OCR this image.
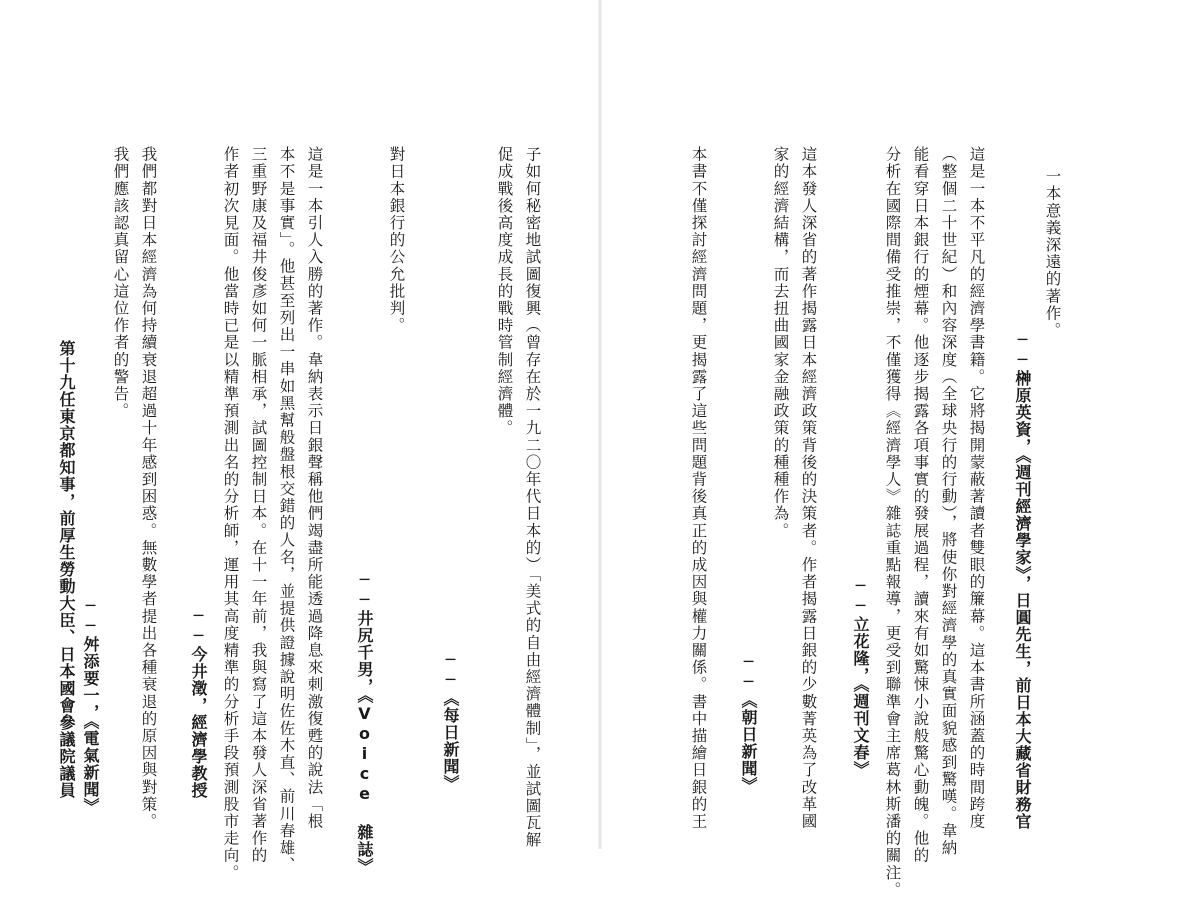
一本意義深遠的著作。
──榊原英資，《週刊經濟學家》，日圓先生，前日本大藏省財務官
這是一本不平凡的經濟學書籍。它將揭開蒙蔽著讀者雙眼的簾幕。這本書所涵蓋的時間跨度
（整個二十世紀）和內容深度（全球央行的行動），將使你對經濟學的真實面貌感到驚嘆。韋納
能看穿日本銀行的煙幕。他逐步揭露各項事實的發展過程，讀來有如驚悚小說般驚心動魄。他的
分析在國際間備受推崇，不僅獲得《經濟學人》雜誌重點報導，更受到聯準會主席葛林斯潘的關注。
──立花隆，《週刊文春》
這本發人深省的著作揭露日本經濟政策背後的決策者。作者揭露日銀的少數菁英為了改革國
家的經濟結構，而去扭曲國家金融政策的種種作為。
──《朝日新聞》
本書不僅探討經濟問題，更揭露了這些問題背後真正的成因與權力關係。書中描繪日銀的王
子如何秘密地試圖復興（曾存在於一九二〇年代日本的）「美式的自由經濟體制」，並試圖瓦解
促成戰後高度成長的戰時管制經濟體。
──《每日新聞》
對日本銀行的公允批判。
──井尻千男，《Voice 雜誌》
這是一本引人入勝的著作。韋納表示日銀聲稱他們竭盡所能透過降息來刺激復甦的說法「根
本不是事實」。他甚至列出一串如黑幫般盤根交錯的人名，並提供證據說明佐佐木直、前川春雄、
三重野康及福井俊彥如何一脈相承，試圖控制日本。在十一年前，我與寫了這本發人深省著作的
作者初次見面。他當時已是以精準預測出名的分析師，運用其高度精準的分析手段預測股市走向。
──今井澂，經濟學教授
我們都對日本經濟為何持續衰退超過十年感到困惑。無數學者提出各種衰退的原因與對策。
我們應該認真留心這位作者的警告。
──舛添要一，《電氣新聞》
第十九任東京都知事，前厚生勞動大臣、日本國會參議院議員
